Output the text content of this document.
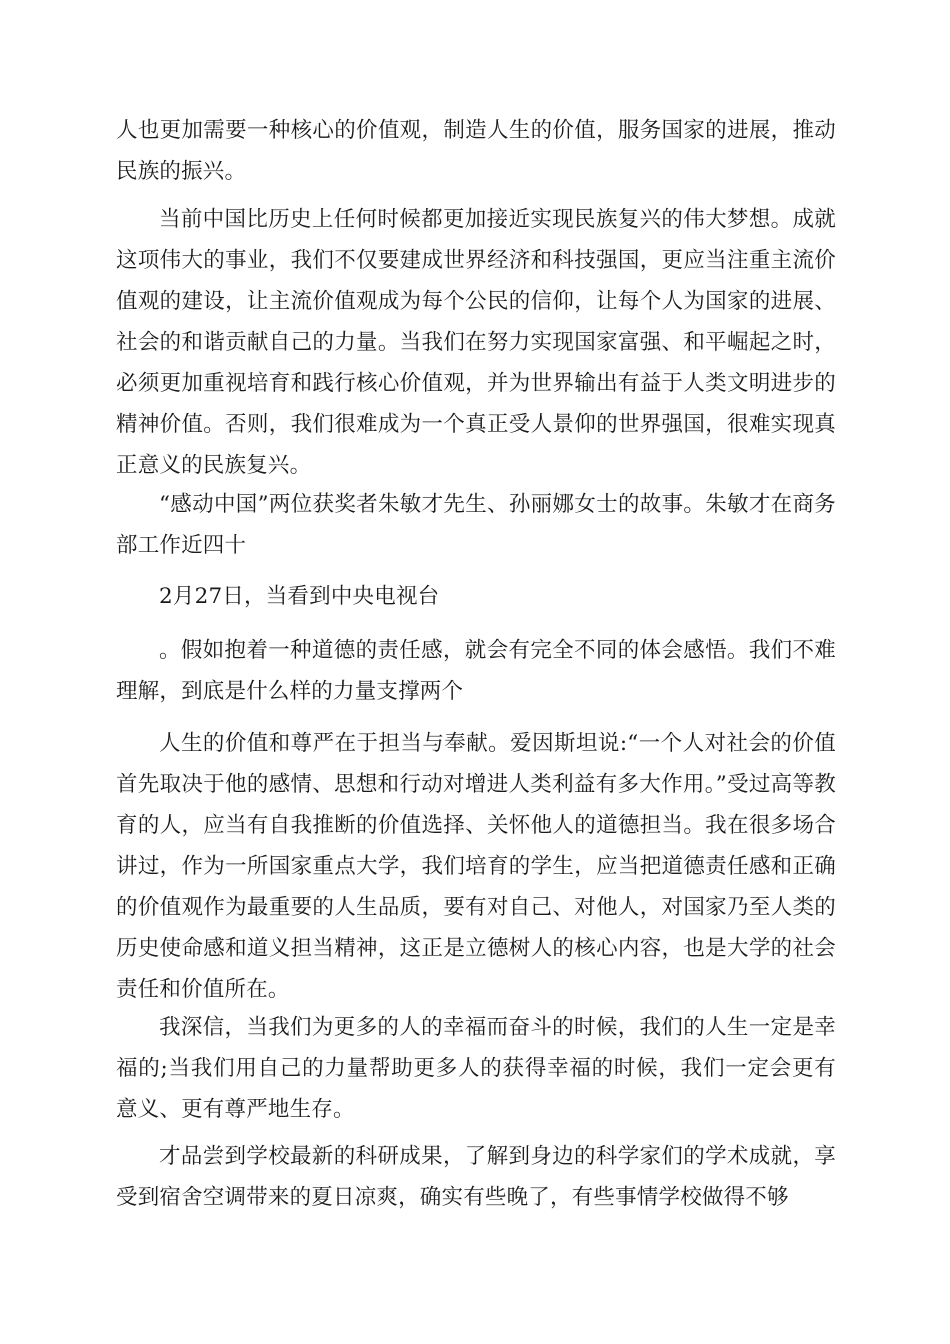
人也更加需要一种核心的价值观，制造人生的价值，服务国家的进展，推动民族的振兴。

当前中国比历史上任何时候都更加接近实现民族复兴的伟大梦想。成就这项伟大的事业，我们不仅要建成世界经济和科技强国，更应当注重主流价值观的建设，让主流价值观成为每个公民的信仰，让每个人为国家的进展、社会的和谐贡献自己的力量。当我们在努力实现国家富强、和平崛起之时，必须更加重视培育和践行核心价值观，并为世界输出有益于人类文明进步的精神价值。否则，我们很难成为一个真正受人景仰的世界强国，很难实现真正意义的民族复兴。

“感动中国”两位获奖者朱敏才先生、孙丽娜女士的故事。朱敏才在商务部工作近四十

2月27日，当看到中央电视台

。假如抱着一种道德的责任感，就会有完全不同的体会感悟。我们不难理解，到底是什么样的力量支撑两个

人生的价值和尊严在于担当与奉献。爱因斯坦说:“一个人对社会的价值首先取决于他的感情、思想和行动对增进人类利益有多大作用。”受过高等教育的人，应当有自我推断的价值选择、关怀他人的道德担当。我在很多场合讲过，作为一所国家重点大学，我们培育的学生，应当把道德责任感和正确的价值观作为最重要的人生品质，要有对自己、对他人，对国家乃至人类的历史使命感和道义担当精神，这正是立德树人的核心内容，也是大学的社会责任和价值所在。

我深信，当我们为更多的人的幸福而奋斗的时候，我们的人生一定是幸福的;当我们用自己的力量帮助更多人的获得幸福的时候，我们一定会更有意义、更有尊严地生存。

才品尝到学校最新的科研成果，了解到身边的科学家们的学术成就，享受到宿舍空调带来的夏日凉爽，确实有些晚了，有些事情学校做得不够
